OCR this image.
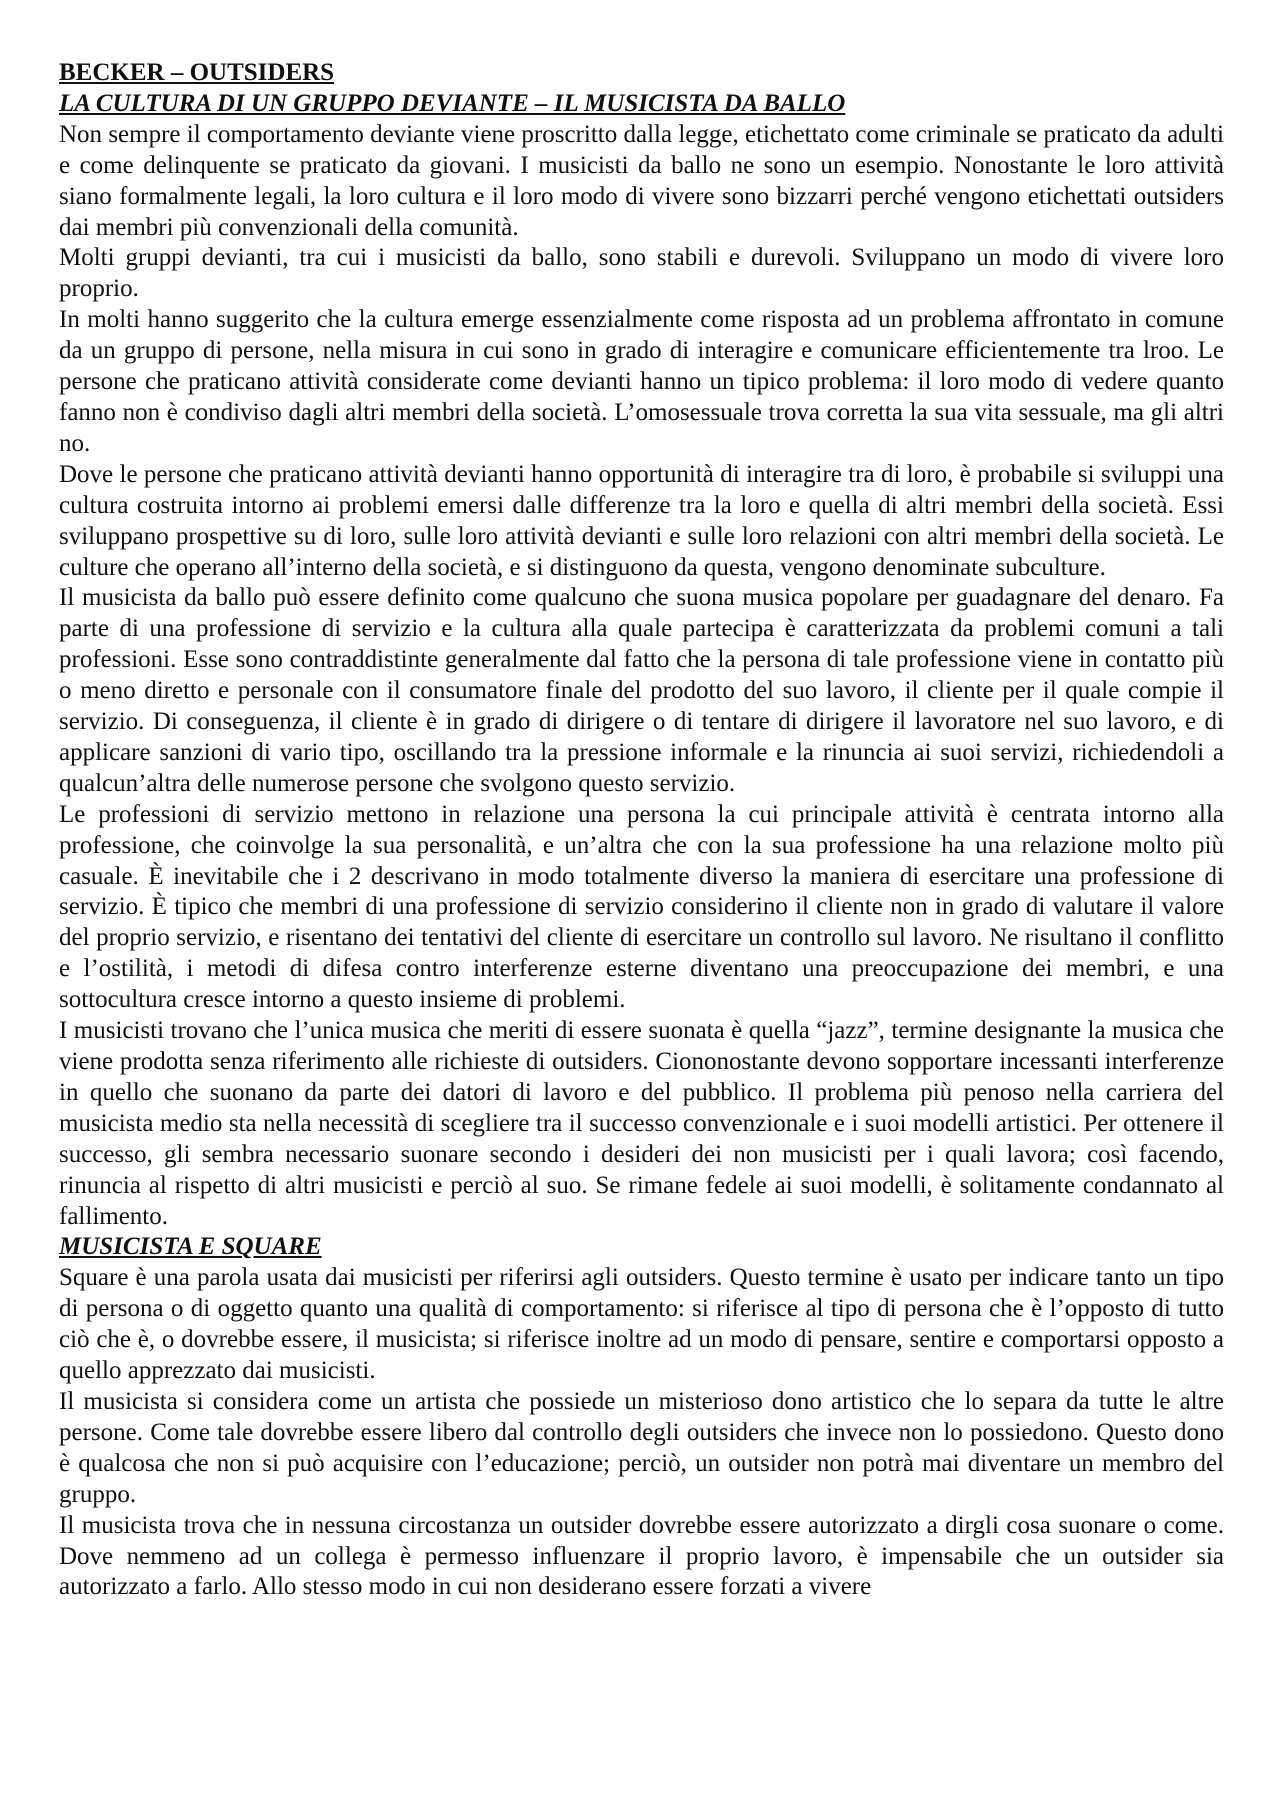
BECKER – OUTSIDERS
LA CULTURA DI UN GRUPPO DEVIANTE – IL MUSICISTA DA BALLO

Non sempre il comportamento deviante viene proscritto dalla legge, etichettato come criminale se praticato da adulti e come delinquente se praticato da giovani. I musicisti da ballo ne sono un esempio. Nonostante le loro attività siano formalmente legali, la loro cultura e il loro modo di vivere sono bizzarri perché vengono etichettati outsiders dai membri più convenzionali della comunità.

Molti gruppi devianti, tra cui i musicisti da ballo, sono stabili e durevoli. Sviluppano un modo di vivere loro proprio.

In molti hanno suggerito che la cultura emerge essenzialmente come risposta ad un problema affrontato in comune da un gruppo di persone, nella misura in cui sono in grado di interagire e comunicare efficientemente tra lroo. Le persone che praticano attività considerate come devianti hanno un tipico problema: il loro modo di vedere quanto fanno non è condiviso dagli altri membri della società. L’omosessuale trova corretta la sua vita sessuale, ma gli altri no.

Dove le persone che praticano attività devianti hanno opportunità di interagire tra di loro, è probabile si sviluppi una cultura costruita intorno ai problemi emersi dalle differenze tra la loro e quella di altri membri della società. Essi sviluppano prospettive su di loro, sulle loro attività devianti e sulle loro relazioni con altri membri della società. Le culture che operano all’interno della società, e si distinguono da questa, vengono denominate subculture.

Il musicista da ballo può essere definito come qualcuno che suona musica popolare per guadagnare del denaro. Fa parte di una professione di servizio e la cultura alla quale partecipa è caratterizzata da problemi comuni a tali professioni. Esse sono contraddistinte generalmente dal fatto che la persona di tale professione viene in contatto più o meno diretto e personale con il consumatore finale del prodotto del suo lavoro, il cliente per il quale compie il servizio. Di conseguenza, il cliente è in grado di dirigere o di tentare di dirigere il lavoratore nel suo lavoro, e di applicare sanzioni di vario tipo, oscillando tra la pressione informale e la rinuncia ai suoi servizi, richiedendoli a qualcun’altra delle numerose persone che svolgono questo servizio.

Le professioni di servizio mettono in relazione una persona la cui principale attività è centrata intorno alla professione, che coinvolge la sua personalità, e un’altra che con la sua professione ha una relazione molto più casuale. È inevitabile che i 2 descrivano in modo totalmente diverso la maniera di esercitare una professione di servizio. È tipico che membri di una professione di servizio considerino il cliente non in grado di valutare il valore del proprio servizio, e risentano dei tentativi del cliente di esercitare un controllo sul lavoro. Ne risultano il conflitto e l’ostilità, i metodi di difesa contro interferenze esterne diventano una preoccupazione dei membri, e una sottocultura cresce intorno a questo insieme di problemi.

I musicisti trovano che l’unica musica che meriti di essere suonata è quella “jazz”, termine designante la musica che viene prodotta senza riferimento alle richieste di outsiders. Ciononostante devono sopportare incessanti interferenze in quello che suonano da parte dei datori di lavoro e del pubblico. Il problema più penoso nella carriera del musicista medio sta nella necessità di scegliere tra il successo convenzionale e i suoi modelli artistici. Per ottenere il successo, gli sembra necessario suonare secondo i desideri dei non musicisti per i quali lavora; così facendo, rinuncia al rispetto di altri musicisti e perciò al suo. Se rimane fedele ai suoi modelli, è solitamente condannato al fallimento.

MUSICISTA E SQUARE

Square è una parola usata dai musicisti per riferirsi agli outsiders. Questo termine è usato per indicare tanto un tipo di persona o di oggetto quanto una qualità di comportamento: si riferisce al tipo di persona che è l’opposto di tutto ciò che è, o dovrebbe essere, il musicista; si riferisce inoltre ad un modo di pensare, sentire e comportarsi opposto a quello apprezzato dai musicisti.

Il musicista si considera come un artista che possiede un misterioso dono artistico che lo separa da tutte le altre persone. Come tale dovrebbe essere libero dal controllo degli outsiders che invece non lo possiedono. Questo dono è qualcosa che non si può acquisire con l’educazione; perciò, un outsider non potrà mai diventare un membro del gruppo.

Il musicista trova che in nessuna circostanza un outsider dovrebbe essere autorizzato a dirgli cosa suonare o come. Dove nemmeno ad un collega è permesso influenzare il proprio lavoro, è impensabile che un outsider sia autorizzato a farlo. Allo stesso modo in cui non desiderano essere forzati a vivere
